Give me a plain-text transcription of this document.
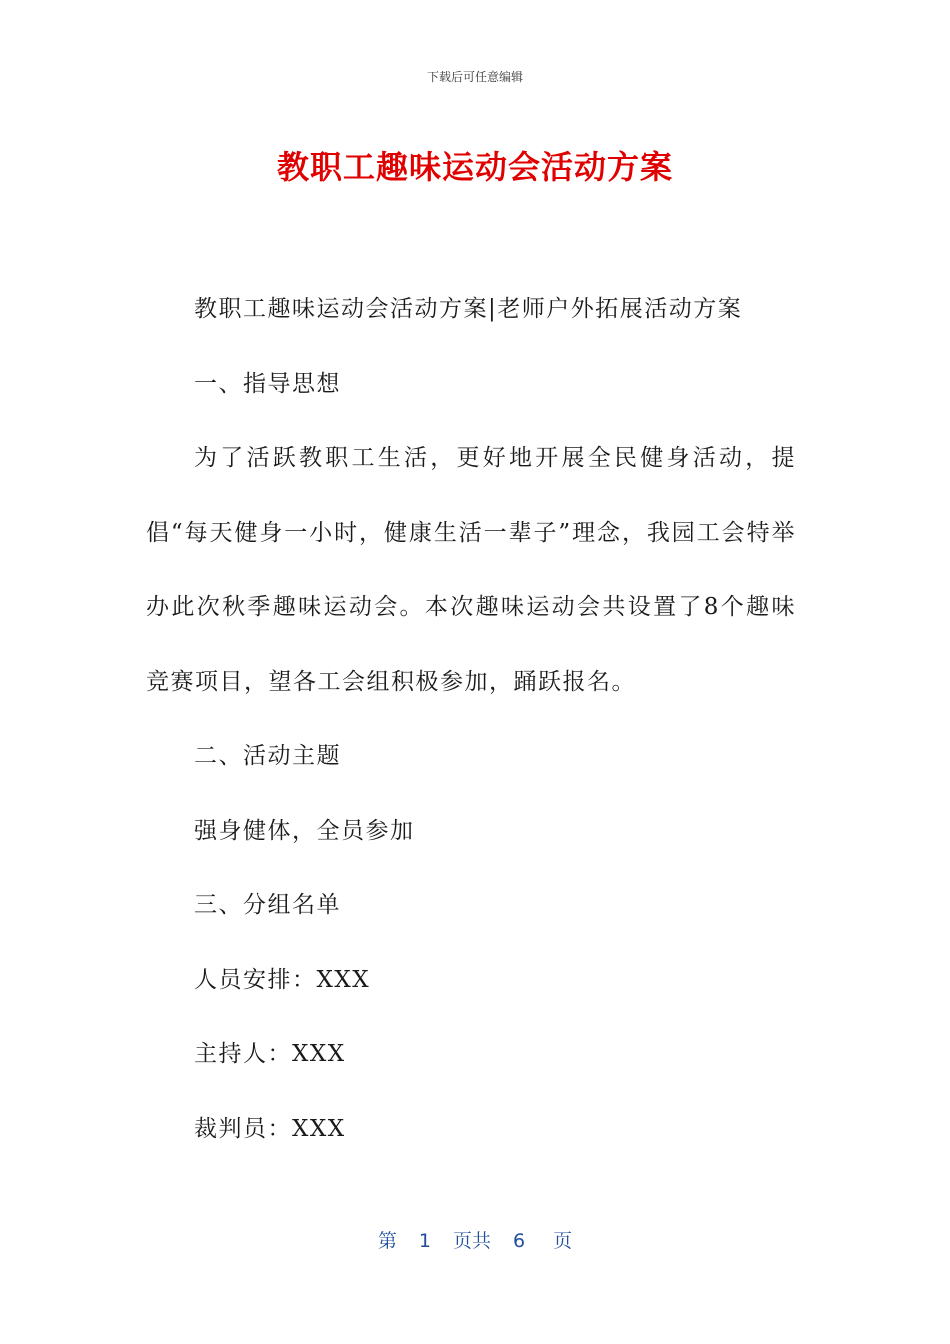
下载后可任意编辑
教职工趣味运动会活动方案

教职工趣味运动会活动方案|老师户外拓展活动方案

一、指导思想

为了活跃教职工生活，更好地开展全民健身活动，提倡“每天健身一小时，健康生活一辈子”理念，我园工会特举办此次秋季趣味运动会。本次趣味运动会共设置了8个趣味竞赛项目，望各工会组积极参加，踊跃报名。

二、活动主题

强身健体，全员参加

三、分组名单

人员安排：XXX

主持人：XXX

裁判员：XXX

第 1 页共 6 页
